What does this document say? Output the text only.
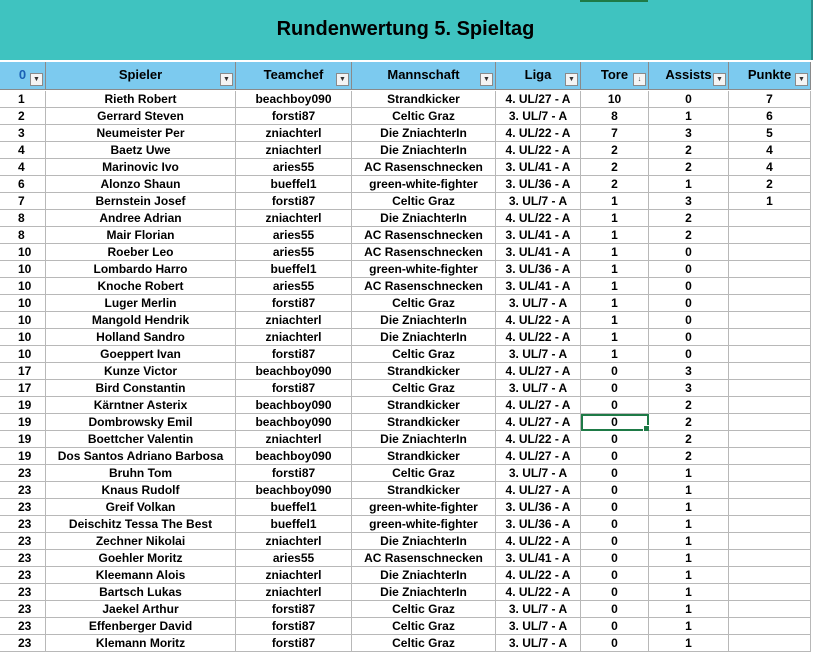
Rundenwertung 5. Spieltag
0 ▼	Spieler	▼	Teamchef	▼	Mannschaft	▼	Liga	▼	Tore	↓	Assists ▼	Punkte ▼
1	Rieth Robert	beachboy090	Strandkicker	4. UL/27 - A	10	0	7
2	Gerrard Steven	forsti87	Celtic Graz	3. UL/7 - A	8	1	6
3	Neumeister Per	zniachterl	Die ZniachterIn	4. UL/22 - A	7	3	5
4	Baetz Uwe	zniachterl	Die ZniachterIn	4. UL/22 - A	2	2	4
4	Marinovic Ivo	aries55	AC Rasenschnecken	3. UL/41 - A	2	2	4
6	Alonzo Shaun	bueffel1	green-white-fighter	3. UL/36 - A	2	1	2
7	Bernstein Josef	forsti87	Celtic Graz	3. UL/7 - A	1	3	1
8	Andree Adrian	zniachterl	Die ZniachterIn	4. UL/22 - A	1	2
8	Mair Florian	aries55	AC Rasenschnecken	3. UL/41 - A	1	2
10	Roeber Leo	aries55	AC Rasenschnecken	3. UL/41 - A	1	0
10	Lombardo Harro	bueffel1	green-white-fighter	3. UL/36 - A	1	0
10	Knoche Robert	aries55	AC Rasenschnecken	3. UL/41 - A	1	0
10	Luger Merlin	forsti87	Celtic Graz	3. UL/7 - A	1	0
10	Mangold Hendrik	zniachterl	Die ZniachterIn	4. UL/22 - A	1	0
10	Holland Sandro	zniachterl	Die ZniachterIn	4. UL/22 - A	1	0
10	Goeppert Ivan	forsti87	Celtic Graz	3. UL/7 - A	1	0
17	Kunze Victor	beachboy090	Strandkicker	4. UL/27 - A	0	3
17	Bird Constantin	forsti87	Celtic Graz	3. UL/7 - A	0	3
19	Kärntner Asterix	beachboy090	Strandkicker	4. UL/27 - A	0	2
19	Dombrowsky Emil	beachboy090	Strandkicker	4. UL/27 - A	0	2
19	Boettcher Valentin	zniachterl	Die ZniachterIn	4. UL/22 - A	0	2
19	Dos Santos Adriano Barbosa	beachboy090	Strandkicker	4. UL/27 - A	0	2
23	Bruhn Tom	forsti87	Celtic Graz	3. UL/7 - A	0	1
23	Knaus Rudolf	beachboy090	Strandkicker	4. UL/27 - A	0	1
23	Greif Volkan	bueffel1	green-white-fighter	3. UL/36 - A	0	1
23	Deischitz Tessa The Best	bueffel1	green-white-fighter	3. UL/36 - A	0	1
23	Zechner Nikolai	zniachterl	Die ZniachterIn	4. UL/22 - A	0	1
23	Goehler Moritz	aries55	AC Rasenschnecken	3. UL/41 - A	0	1
23	Kleemann Alois	zniachterl	Die ZniachterIn	4. UL/22 - A	0	1
23	Bartsch Lukas	zniachterl	Die ZniachterIn	4. UL/22 - A	0	1
23	Jaekel Arthur	forsti87	Celtic Graz	3. UL/7 - A	0	1
23	Effenberger David	forsti87	Celtic Graz	3. UL/7 - A	0	1
23	Klemann Moritz	forsti87	Celtic Graz	3. UL/7 - A	0	1
